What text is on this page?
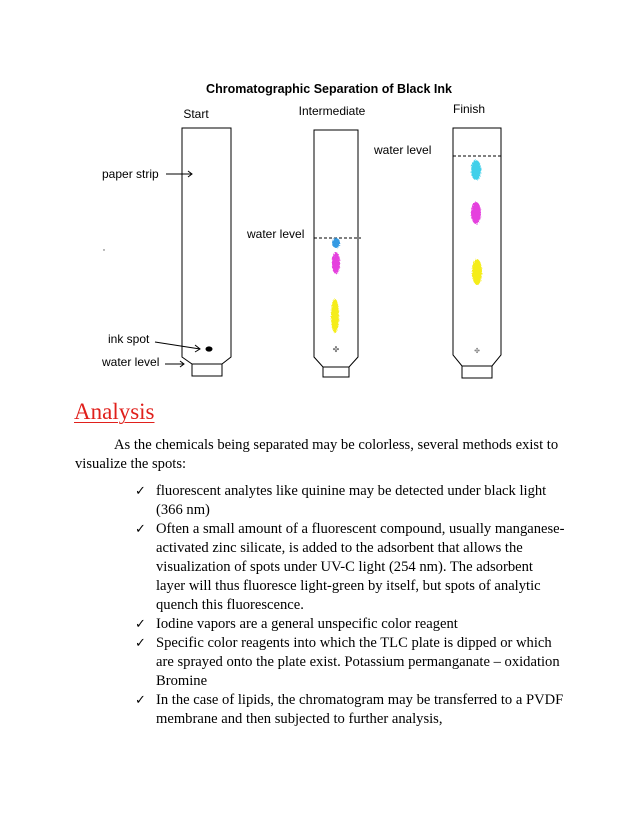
Chromatographic Separation of Black Ink
Start	Intermediate	Finish
✤	✤
paper strip
ink spot
water level
water level
water level
Analysis

As the chemicals being separated may be colorless, several methods exist to visualize the spots:

✓ fluorescent analytes like quinine may be detected under black light (366 nm)
✓ Often a small amount of a fluorescent compound, usually manganese-activated zinc silicate, is added to the adsorbent that allows the visualization of spots under UV-C light (254 nm). The adsorbent layer will thus fluoresce light-green by itself, but spots of analytic quench this fluorescence.
✓ Iodine vapors are a general unspecific color reagent
✓ Specific color reagents into which the TLC plate is dipped or which are sprayed onto the plate exist. Potassium permanganate – oxidation Bromine
✓ In the case of lipids, the chromatogram may be transferred to a PVDF membrane and then subjected to further analysis,
